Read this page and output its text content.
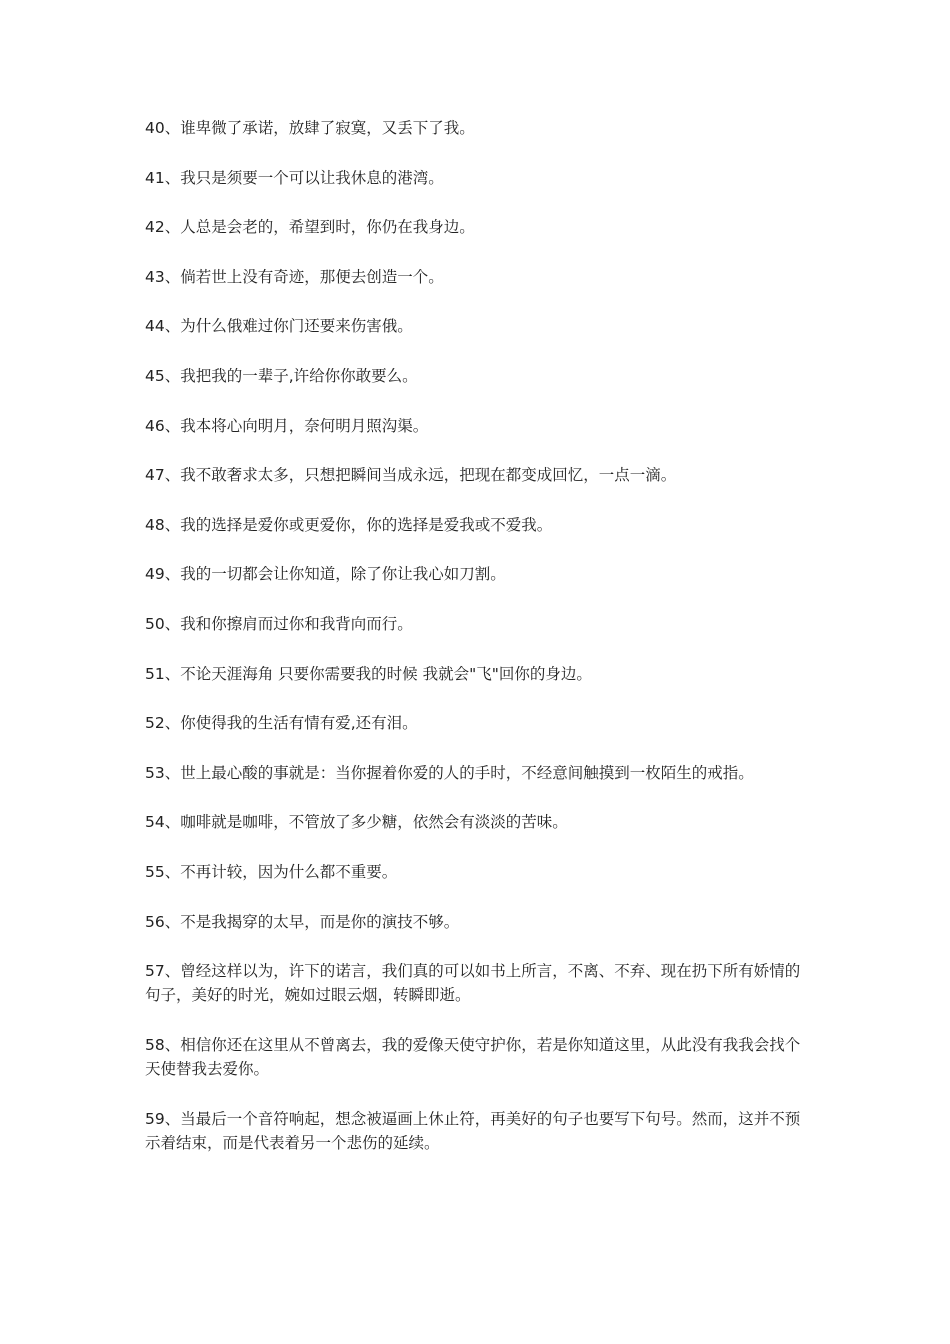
40、谁卑微了承诺，放肆了寂寞，又丢下了我。
41、我只是须要一个可以让我休息的港湾。
42、人总是会老的，希望到时，你仍在我身边。
43、倘若世上没有奇迹，那便去创造一个。
44、为什么俄难过你门还要来伤害俄。
45、我把我的一辈子,许给你你敢要么。
46、我本将心向明月，奈何明月照沟渠。
47、我不敢奢求太多，只想把瞬间当成永远，把现在都变成回忆，一点一滴。
48、我的选择是爱你或更爱你，你的选择是爱我或不爱我。
49、我的一切都会让你知道，除了你让我心如刀割。
50、我和你擦肩而过你和我背向而行。
51、不论天涯海角 只要你需要我的时候 我就会"飞"回你的身边。
52、你使得我的生活有情有爱,还有泪。
53、世上最心酸的事就是：当你握着你爱的人的手时，不经意间触摸到一枚陌生的戒指。
54、咖啡就是咖啡，不管放了多少糖，依然会有淡淡的苦味。
55、不再计较，因为什么都不重要。
56、不是我揭穿的太早，而是你的演技不够。
57、曾经这样以为，许下的诺言，我们真的可以如书上所言，不离、不弃、现在扔下所有娇情的句子，美好的时光，婉如过眼云烟，转瞬即逝。
58、相信你还在这里从不曾离去，我的爱像天使守护你，若是你知道这里，从此没有我我会找个天使替我去爱你。
59、当最后一个音符响起，想念被逼画上休止符，再美好的句子也要写下句号。然而，这并不预示着结束，而是代表着另一个悲伤的延续。
